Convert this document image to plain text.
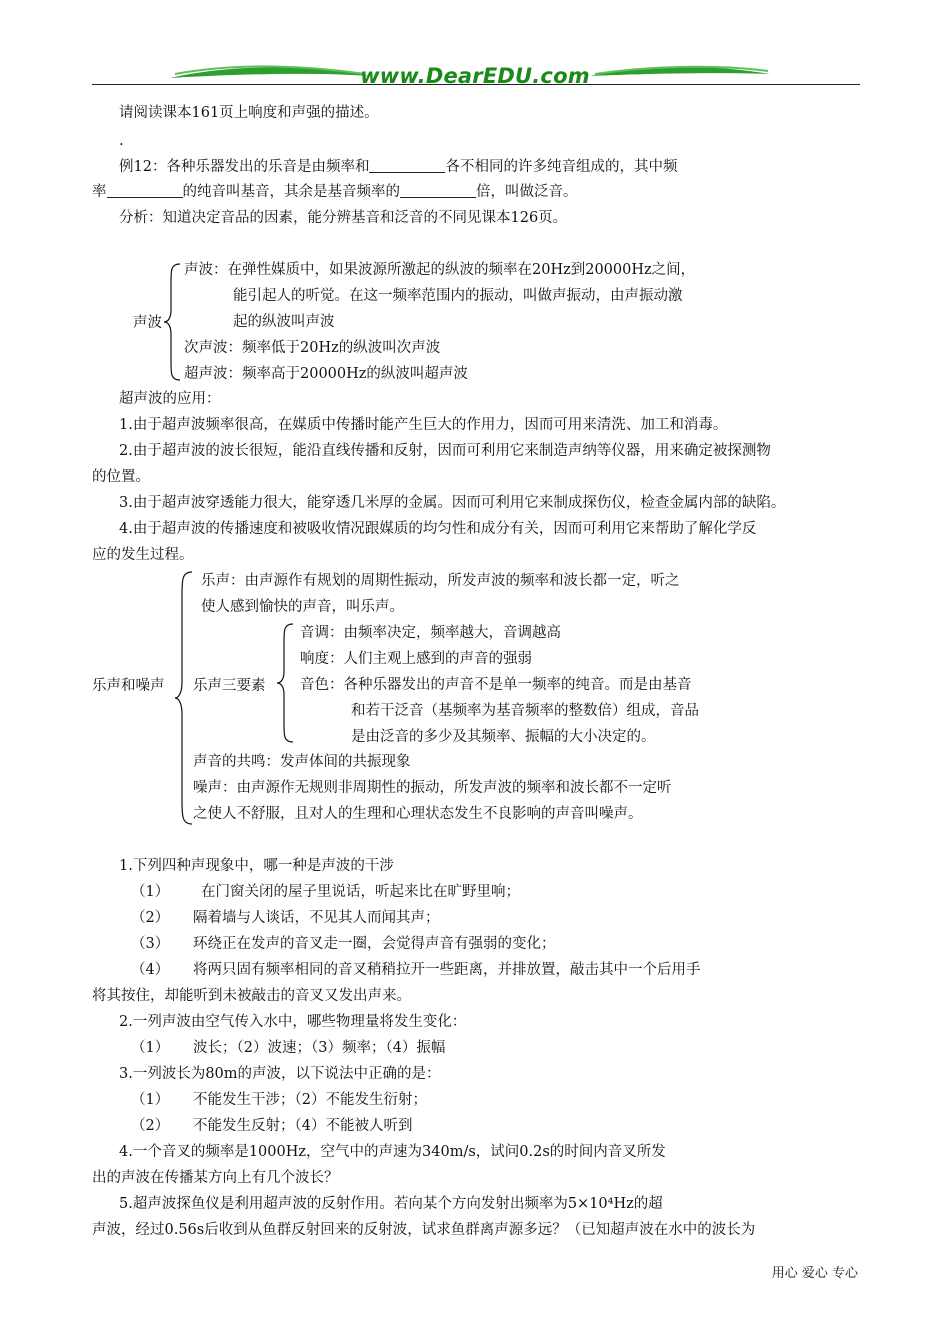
www.DearEDU.com
请阅读课本161页上响度和声强的描述。
.
例12：各种乐器发出的乐音是由频率和	各不相同的许多纯音组成的，其中频
率	的纯音叫基音，其余是基音频率的	倍，叫做泛音。
分析：知道决定音品的因素，能分辨基音和泛音的不同见课本126页。
声波
声波：在弹性媒质中，如果波源所激起的纵波的频率在20Hz到20000Hz之间，
能引起人的听觉。在这一频率范围内的振动，叫做声振动，由声振动激
起的纵波叫声波
次声波：频率低于20Hz的纵波叫次声波
超声波：频率高于20000Hz的纵波叫超声波
超声波的应用：
1.由于超声波频率很高，在媒质中传播时能产生巨大的作用力，因而可用来清洗、加工和消毒。
2.由于超声波的波长很短，能沿直线传播和反射，因而可利用它来制造声纳等仪器，用来确定被探测物
的位置。
3.由于超声波穿透能力很大，能穿透几米厚的金属。因而可利用它来制成探伤仪，检查金属内部的缺陷。
4.由于超声波的传播速度和被吸收情况跟媒质的均匀性和成分有关，因而可利用它来帮助了解化学反
应的发生过程。
乐声和噪声
乐声：由声源作有规划的周期性振动，所发声波的频率和波长都一定，听之
使人感到愉快的声音，叫乐声。
乐声三要素
音调：由频率决定，频率越大，音调越高
响度：人们主观上感到的声音的强弱
音色：各种乐器发出的声音不是单一频率的纯音。而是由基音
和若干泛音（基频率为基音频率的整数倍）组成，音品
是由泛音的多少及其频率、振幅的大小决定的。
声音的共鸣：发声体间的共振现象
噪声：由声源作无规则非周期性的振动，所发声波的频率和波长都不一定听
之使人不舒服，且对人的生理和心理状态发生不良影响的声音叫噪声。
1.下列四种声现象中，哪一种是声波的干涉
（1） 在门窗关闭的屋子里说话，听起来比在旷野里响；
（2） 隔着墙与人谈话，不见其人而闻其声；
（3） 环绕正在发声的音叉走一圈，会觉得声音有强弱的变化；
（4） 将两只固有频率相同的音叉稍稍拉开一些距离，并排放置，敲击其中一个后用手
将其按住，却能听到未被敲击的音叉又发出声来。
2.一列声波由空气传入水中，哪些物理量将发生变化：
（1） 波长；（2）波速；（3）频率；（4）振幅
3.一列波长为80m的声波，以下说法中正确的是：
（1） 不能发生干涉；（2）不能发生衍射；
（2） 不能发生反射；（4）不能被人听到
4.一个音叉的频率是1000Hz，空气中的声速为340m/s，试问0.2s的时间内音叉所发
出的声波在传播某方向上有几个波长？
5.超声波探鱼仪是利用超声波的反射作用。若向某个方向发射出频率为5×10⁴Hz的超
声波，经过0.56s后收到从鱼群反射回来的反射波，试求鱼群离声源多远？（已知超声波在水中的波长为
用心 爱心 专心
